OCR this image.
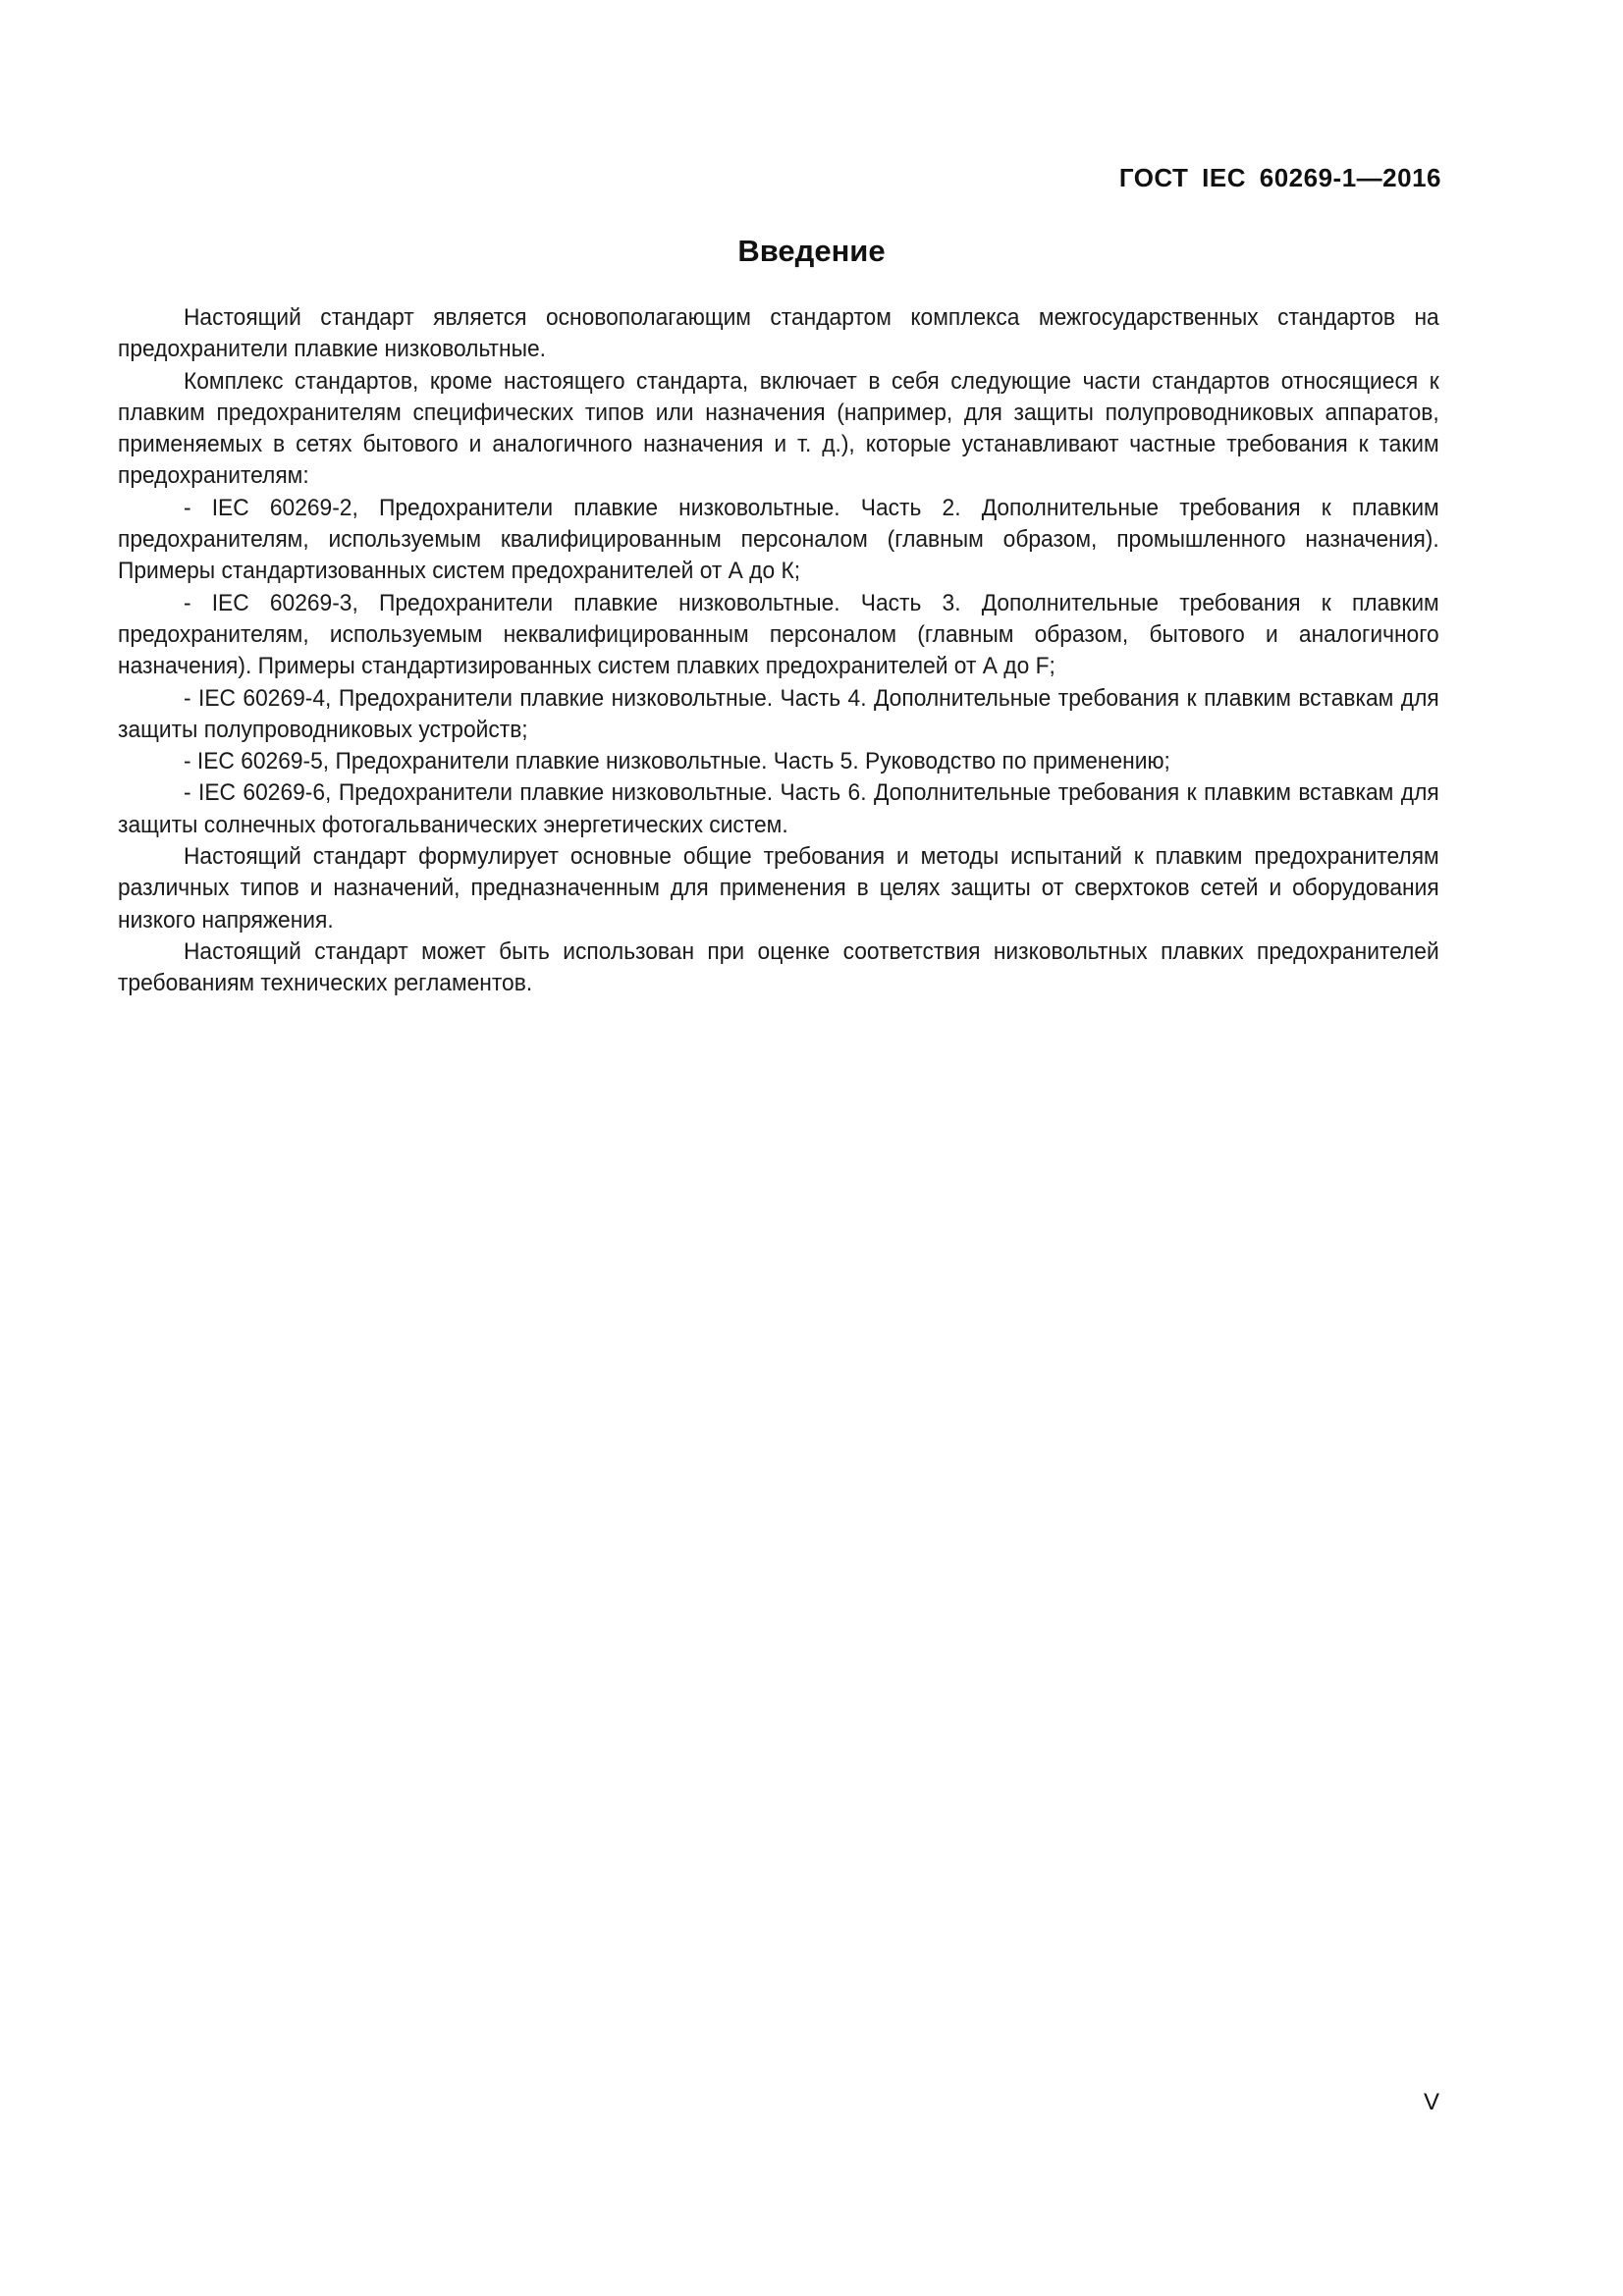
ГОСТ IEC 60269-1—2016
Введение

Настоящий стандарт является основополагающим стандартом комплекса межгосударственных стандартов на предохранители плавкие низковольтные.

Комплекс стандартов, кроме настоящего стандарта, включает в себя следующие части стандартов относящиеся к плавким предохранителям специфических типов или назначения (например, для защиты полупроводниковых аппаратов, применяемых в сетях бытового и аналогичного назначения и т. д.), которые устанавливают частные требования к таким предохранителям:

- IEC 60269-2, Предохранители плавкие низковольтные. Часть 2. Дополнительные требования к плавким предохранителям, используемым квалифицированным персоналом (главным образом, промышленного назначения). Примеры стандартизованных систем предохранителей от А до К;

- IEC 60269-3, Предохранители плавкие низковольтные. Часть 3. Дополнительные требования к плавким предохранителям, используемым неквалифицированным персоналом (главным образом, бытового и аналогичного назначения). Примеры стандартизированных систем плавких предохранителей от А до F;

- IEC 60269-4, Предохранители плавкие низковольтные. Часть 4. Дополнительные требования к плавким вставкам для защиты полупроводниковых устройств;

- IEC 60269-5, Предохранители плавкие низковольтные. Часть 5. Руководство по применению;

- IEC 60269-6, Предохранители плавкие низковольтные. Часть 6. Дополнительные требования к плавким вставкам для защиты солнечных фотогальванических энергетических систем.

Настоящий стандарт формулирует основные общие требования и методы испытаний к плавким предохранителям различных типов и назначений, предназначенным для применения в целях защиты от сверхтоков сетей и оборудования низкого напряжения.

Настоящий стандарт может быть использован при оценке соответствия низковольтных плавких предохранителей требованиям технических регламентов.

V
